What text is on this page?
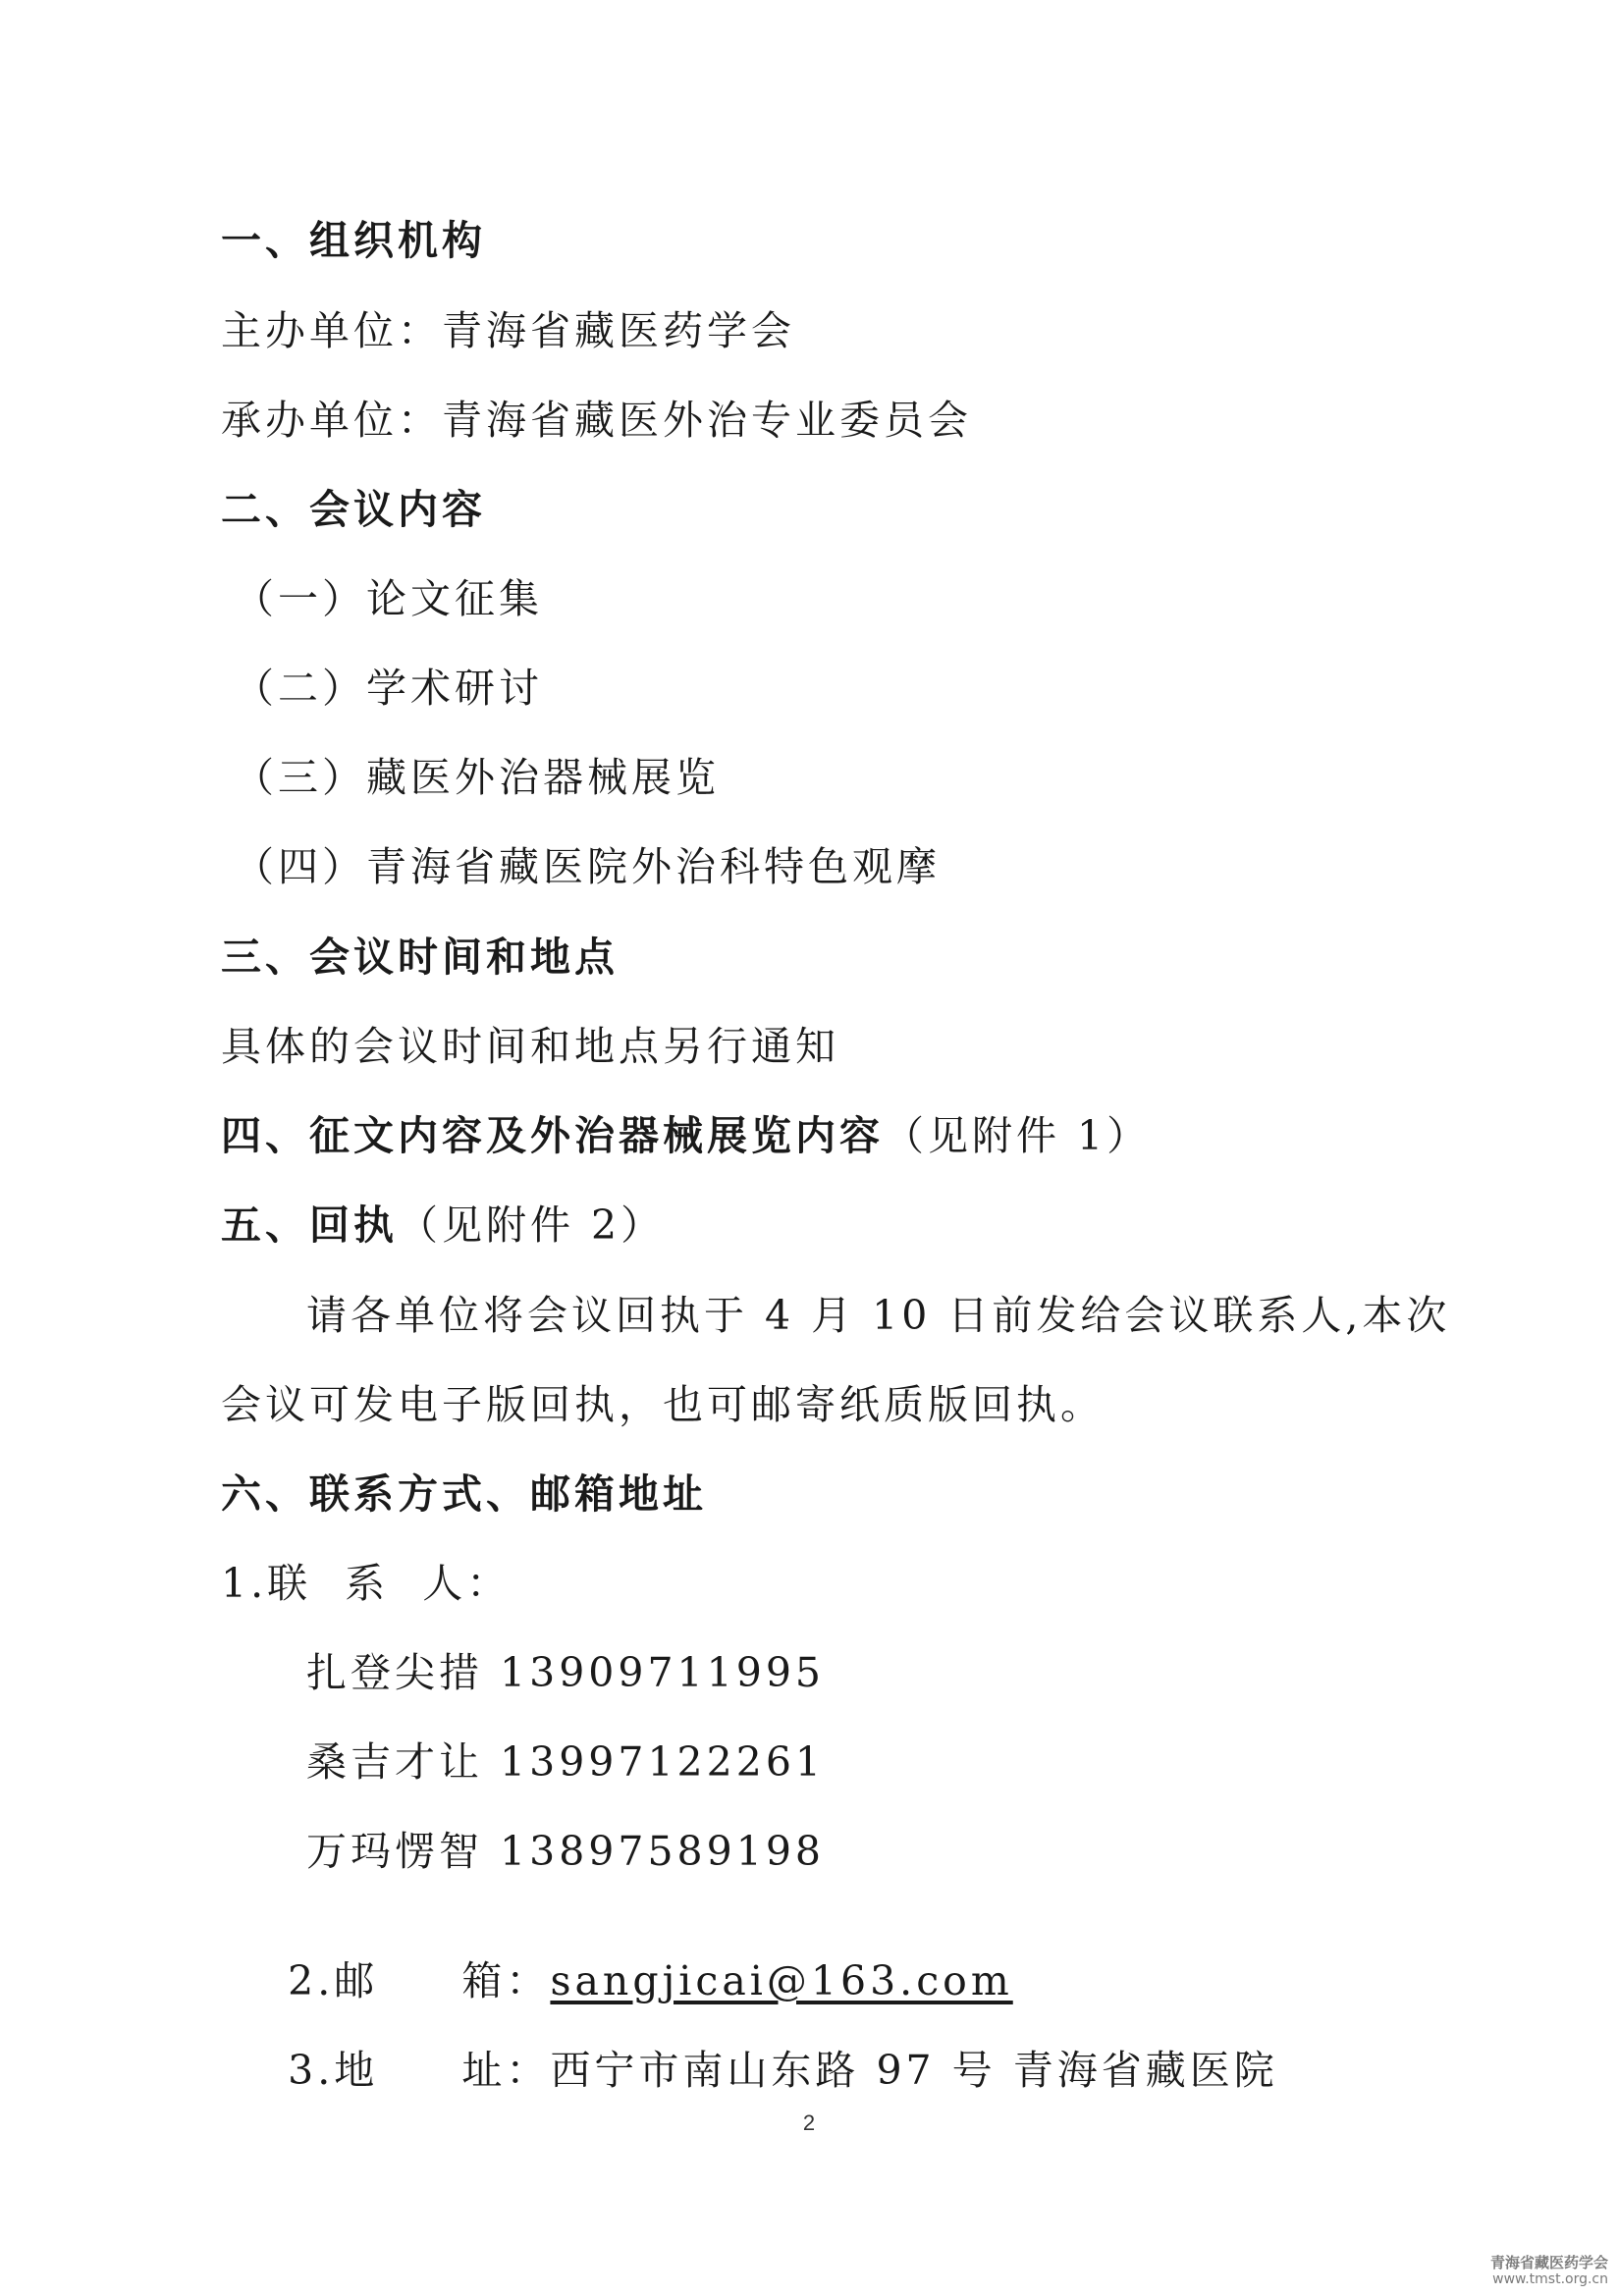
一、组织机构
主办单位：青海省藏医药学会
承办单位：青海省藏医外治专业委员会
二、会议内容
（一）论文征集
（二）学术研讨
（三）藏医外治器械展览
（四）青海省藏医院外治科特色观摩
三、会议时间和地点
具体的会议时间和地点另行通知
四、征文内容及外治器械展览内容（见附件 1）
五、回执（见附件 2）
请各单位将会议回执于 4 月 10 日前发给会议联系人,本次
会议可发电子版回执，也可邮寄纸质版回执。
六、联系方式、邮箱地址
1.联  系  人：
扎登尖措 13909711995
桑吉才让 13997122261
万玛愣智 13897589198

2.邮     箱：sangjicai@163.com

3.地     址：西宁市南山东路 97 号 青海省藏医院

2
青海省藏医药学会
www.tmst.org.cn
